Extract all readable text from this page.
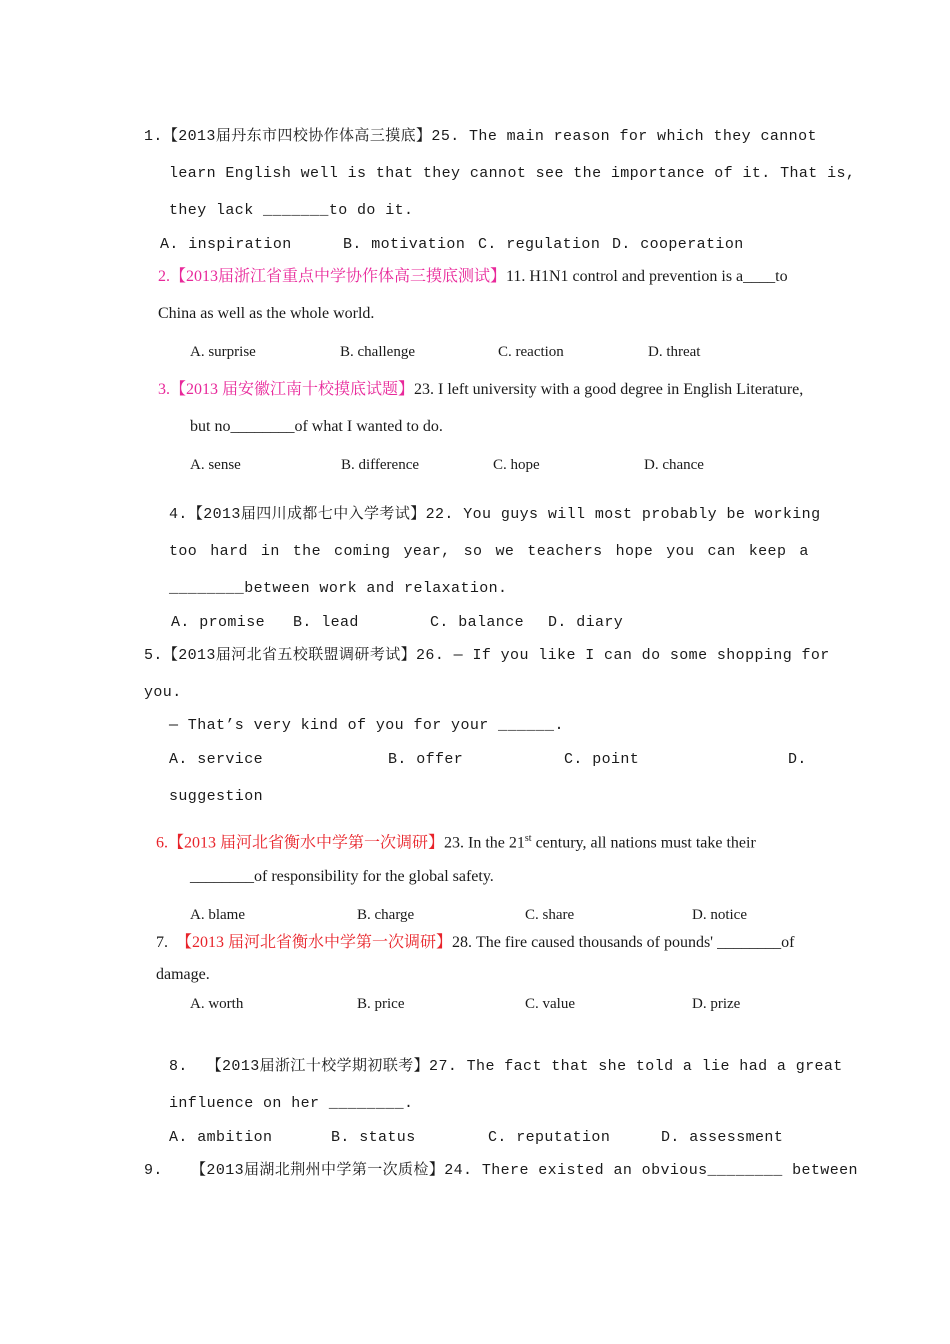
1.【2013届丹东市四校协作体高三摸底】25. The main reason for which they cannot
learn English well is that they cannot see the importance of it. That is,
they lack _______to do it.
A. inspiration	B. motivation C. regulation D. cooperation
2.【2013届浙江省重点中学协作体高三摸底测试】11. H1N1 control and prevention is a____to
China as well as the whole world.
A. surprise	B. challenge	C. reaction	D. threat
3.【2013 届安徽江南十校摸底试题】23. I left university with a good degree in English Literature,
but no________of what I wanted to do.
A. sense	B. difference	C. hope	D. chance
4.【2013届四川成都七中入学考试】22. You guys will most probably be working
too hard in the coming year, so we teachers hope you can keep a
________between work and relaxation.
A. promise B. lead	C. balance D. diary
5.【2013届河北省五校联盟调研考试】26. — If you like I can do some shopping for
you.
— That’s very kind of you for your ______.
A. service	B. offer	C. point	D.
suggestion
6.【2013 届河北省衡水中学第一次调研】23. In the 21st century, all nations must take their
________of responsibility for the global safety.
A. blame	B. charge	C. share	D. notice
7. 【2013 届河北省衡水中学第一次调研】28. The fire caused thousands of pounds' ________of
damage.
A. worth	B. price	C. value	D. prize
8. 【2013届浙江十校学期初联考】27. The fact that she told a lie had a great
influence on her ________.
A. ambition	B. status	C. reputation	D. assessment
9. 【2013届湖北荆州中学第一次质检】24. There existed an obvious________ between
